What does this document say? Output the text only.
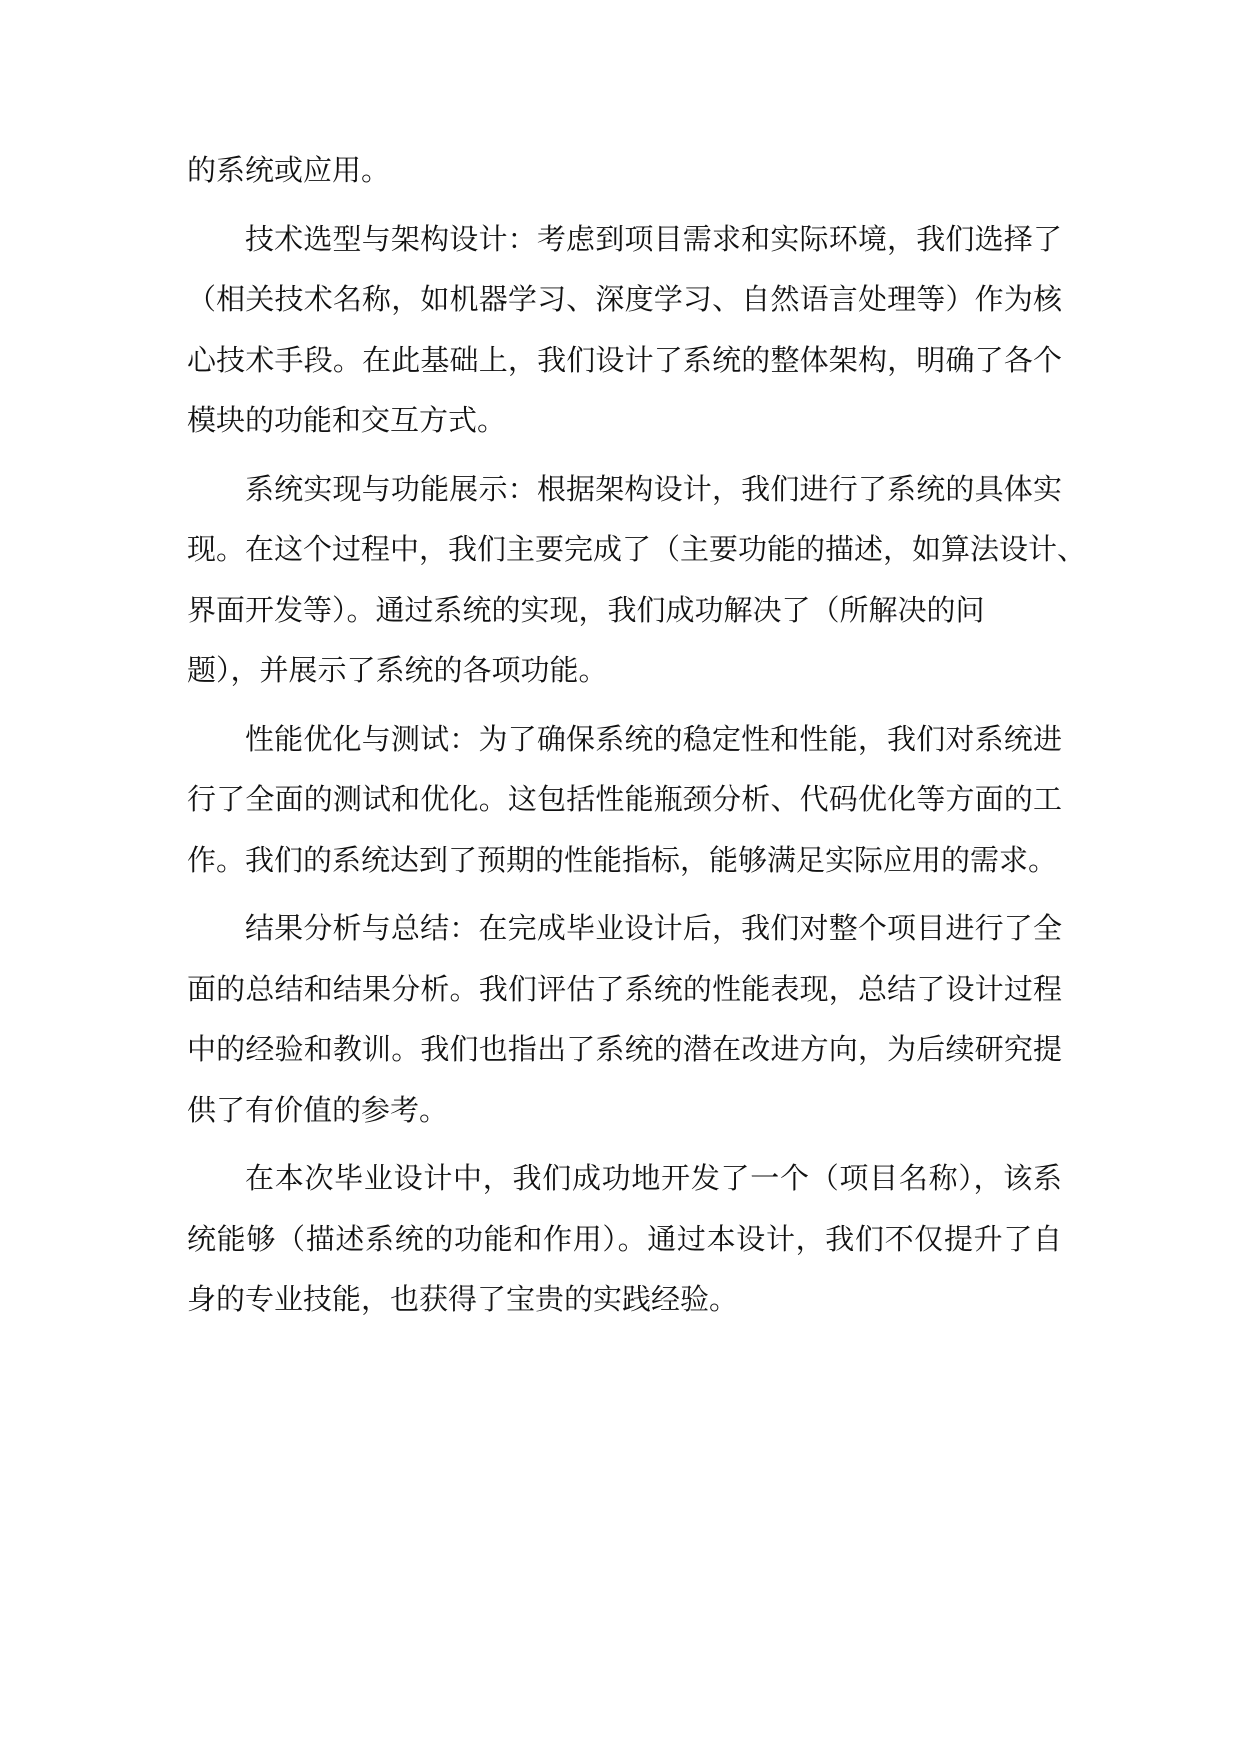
的系统或应用。
技术选型与架构设计：考虑到项目需求和实际环境，我们选择了
（相关技术名称，如机器学习、深度学习、自然语言处理等）作为核
心技术手段。在此基础上，我们设计了系统的整体架构，明确了各个
模块的功能和交互方式。
系统实现与功能展示：根据架构设计，我们进行了系统的具体实
现。在这个过程中，我们主要完成了（主要功能的描述，如算法设计、
界面开发等）。通过系统的实现，我们成功解决了（所解决的问
题），并展示了系统的各项功能。
性能优化与测试：为了确保系统的稳定性和性能，我们对系统进
行了全面的测试和优化。这包括性能瓶颈分析、代码优化等方面的工
作。我们的系统达到了预期的性能指标，能够满足实际应用的需求。
结果分析与总结：在完成毕业设计后，我们对整个项目进行了全
面的总结和结果分析。我们评估了系统的性能表现，总结了设计过程
中的经验和教训。我们也指出了系统的潜在改进方向，为后续研究提
供了有价值的参考。
在本次毕业设计中，我们成功地开发了一个（项目名称），该系
统能够（描述系统的功能和作用）。通过本设计，我们不仅提升了自
身的专业技能，也获得了宝贵的实践经验。
